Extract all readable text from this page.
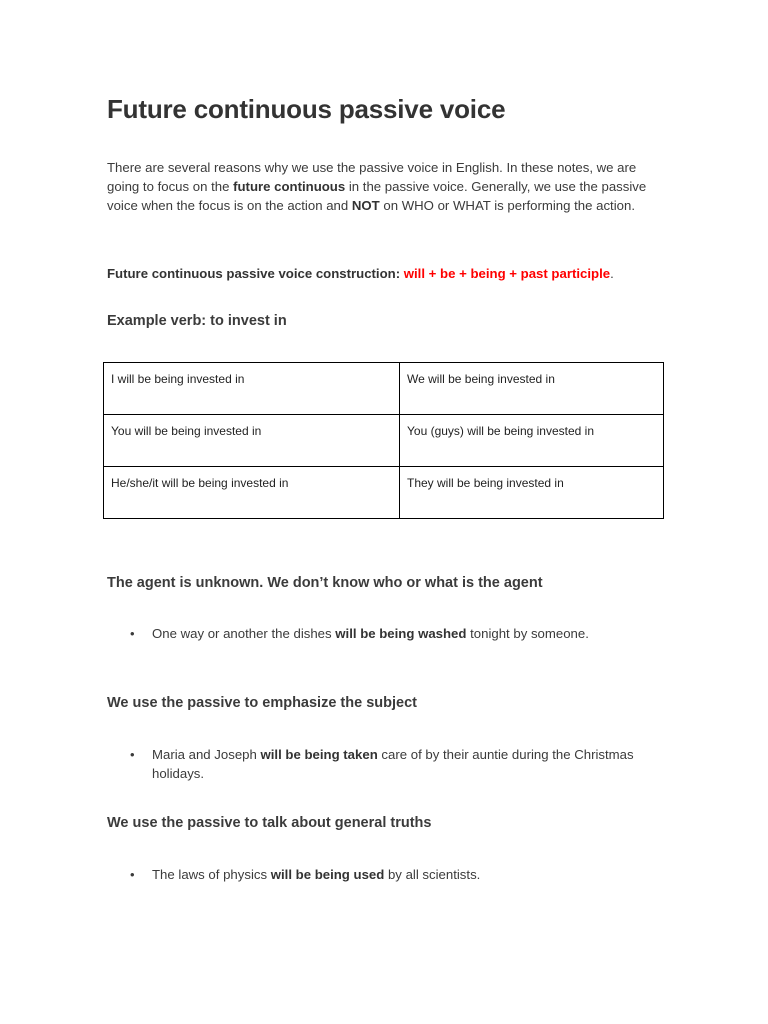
Future continuous passive voice

There are several reasons why we use the passive voice in English. In these notes, we are going to focus on the future continuous in the passive voice. Generally, we use the passive voice when the focus is on the action and NOT on WHO or WHAT is performing the action.

Future continuous passive voice construction: will + be + being + past participle.

Example verb: to invest in
I will be being invested in	We will be being invested in
You will be being invested in	You (guys) will be being invested in
He/she/it will be being invested in	They will be being invested in
The agent is unknown. We don’t know who or what is the agent
• One way or another the dishes will be being washed tonight by someone.
We use the passive to emphasize the subject
• Maria and Joseph will be being taken care of by their auntie during the Christmas holidays.
We use the passive to talk about general truths
• The laws of physics will be being used by all scientists.
